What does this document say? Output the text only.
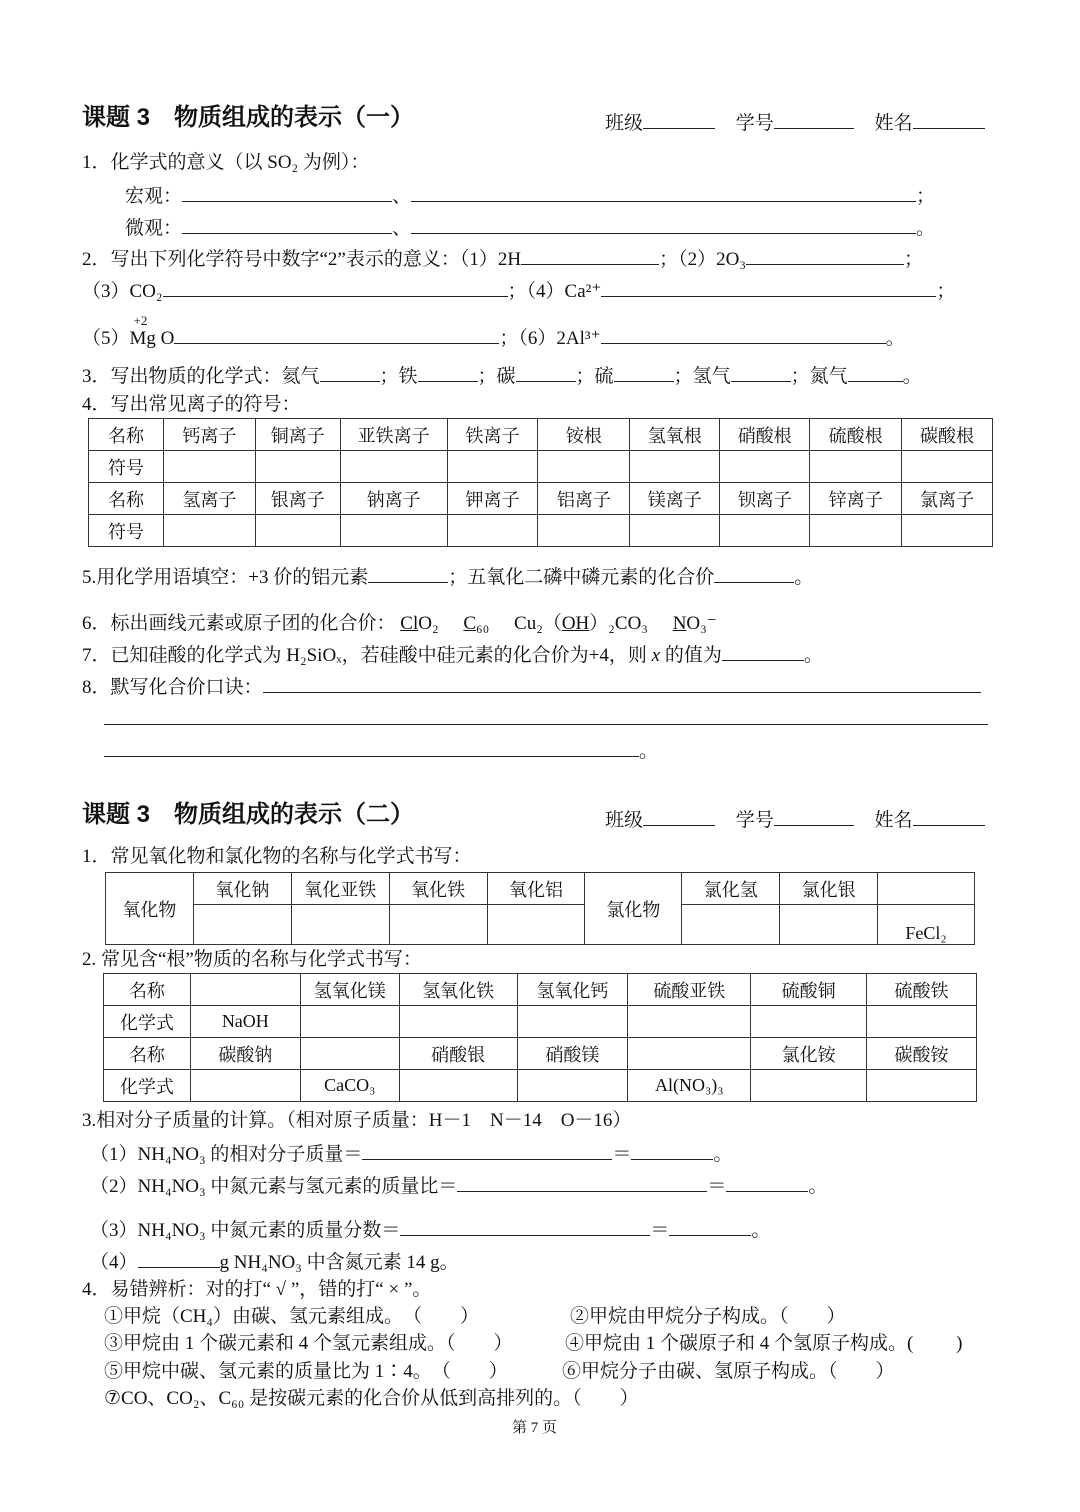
课题 3　物质组成的表示（一）	班级	学号	姓名
1．化学式的意义（以 SO₂ 为例）：
宏观：	、	；
微观：	、	。
2．写出下列化学符号中数字“2”表示的意义：（1）2H	；（2）2O₃	；
（3）CO₂	；（4）Ca²⁺	；
（5）
+2
Mg O	；（6）2Al³⁺	。
3．写出物质的化学式：氦气	；铁	；碳	；硫	；氢气	；氮气	。
4．写出常见离子的符号：
名称	钙离子	铜离子	亚铁离子	铁离子	铵根	氢氧根	硝酸根	硫酸根	碳酸根
符号									
名称	氢离子	银离子	钠离子	钾离子	铝离子	镁离子	钡离子	锌离子	氯离子
符号									
5.用化学用语填空：+3 价的铝元素	；五氧化二磷中磷元素的化合价	。
6．标出画线元素或原子团的化合价： ClO₂ C₆₀ Cu₂（OH）₂CO₃ NO₃⁻
7．已知硅酸的化学式为 H₂SiOₓ，若硅酸中硅元素的化合价为+4，则 x 的值为	。
8．默写化合价口诀：
。
课题 3　物质组成的表示（二）	班级	学号	姓名
1．常见氧化物和氯化物的名称与化学式书写：
氧化物	氧化钠	氧化亚铁	氧化铁	氧化铝	氯化物	氯化氢	氯化银	
								FeCl₂
2. 常见含“根”物质的名称与化学式书写：
名称		氢氧化镁	氢氧化铁	氢氧化钙	硫酸亚铁	硫酸铜	硫酸铁
化学式	NaOH						
名称	碳酸钠		硝酸银	硝酸镁		氯化铵	碳酸铵
化学式		CaCO₃			Al(NO₃)₃		
3.相对分子质量的计算。（相对原子质量：H－1　N－14　O－16）
（1）NH₄NO₃ 的相对分子质量＝	＝	。
（2）NH₄NO₃ 中氮元素与氢元素的质量比＝	＝	。
（3）NH₄NO₃ 中氮元素的质量分数＝	＝	。
（4）	g NH₄NO₃ 中含氮元素 14 g。
4．易错辨析：对的打“ √ ”，错的打“ × ”。
①甲烷（CH₄）由碳、氢元素组成。　（　　）	②甲烷由甲烷分子构成。（　　）
③甲烷由 1 个碳元素和 4 个氢元素组成。（　　）	④甲烷由 1 个碳原子和 4 个氢原子构成。(　　 )
⑤甲烷中碳、氢元素的质量比为 1∶4。　（　　）	⑥甲烷分子由碳、氢原子构成。（　　）
⑦CO、CO₂、C₆₀ 是按碳元素的化合价从低到高排列的。（　　）
第 7 页
